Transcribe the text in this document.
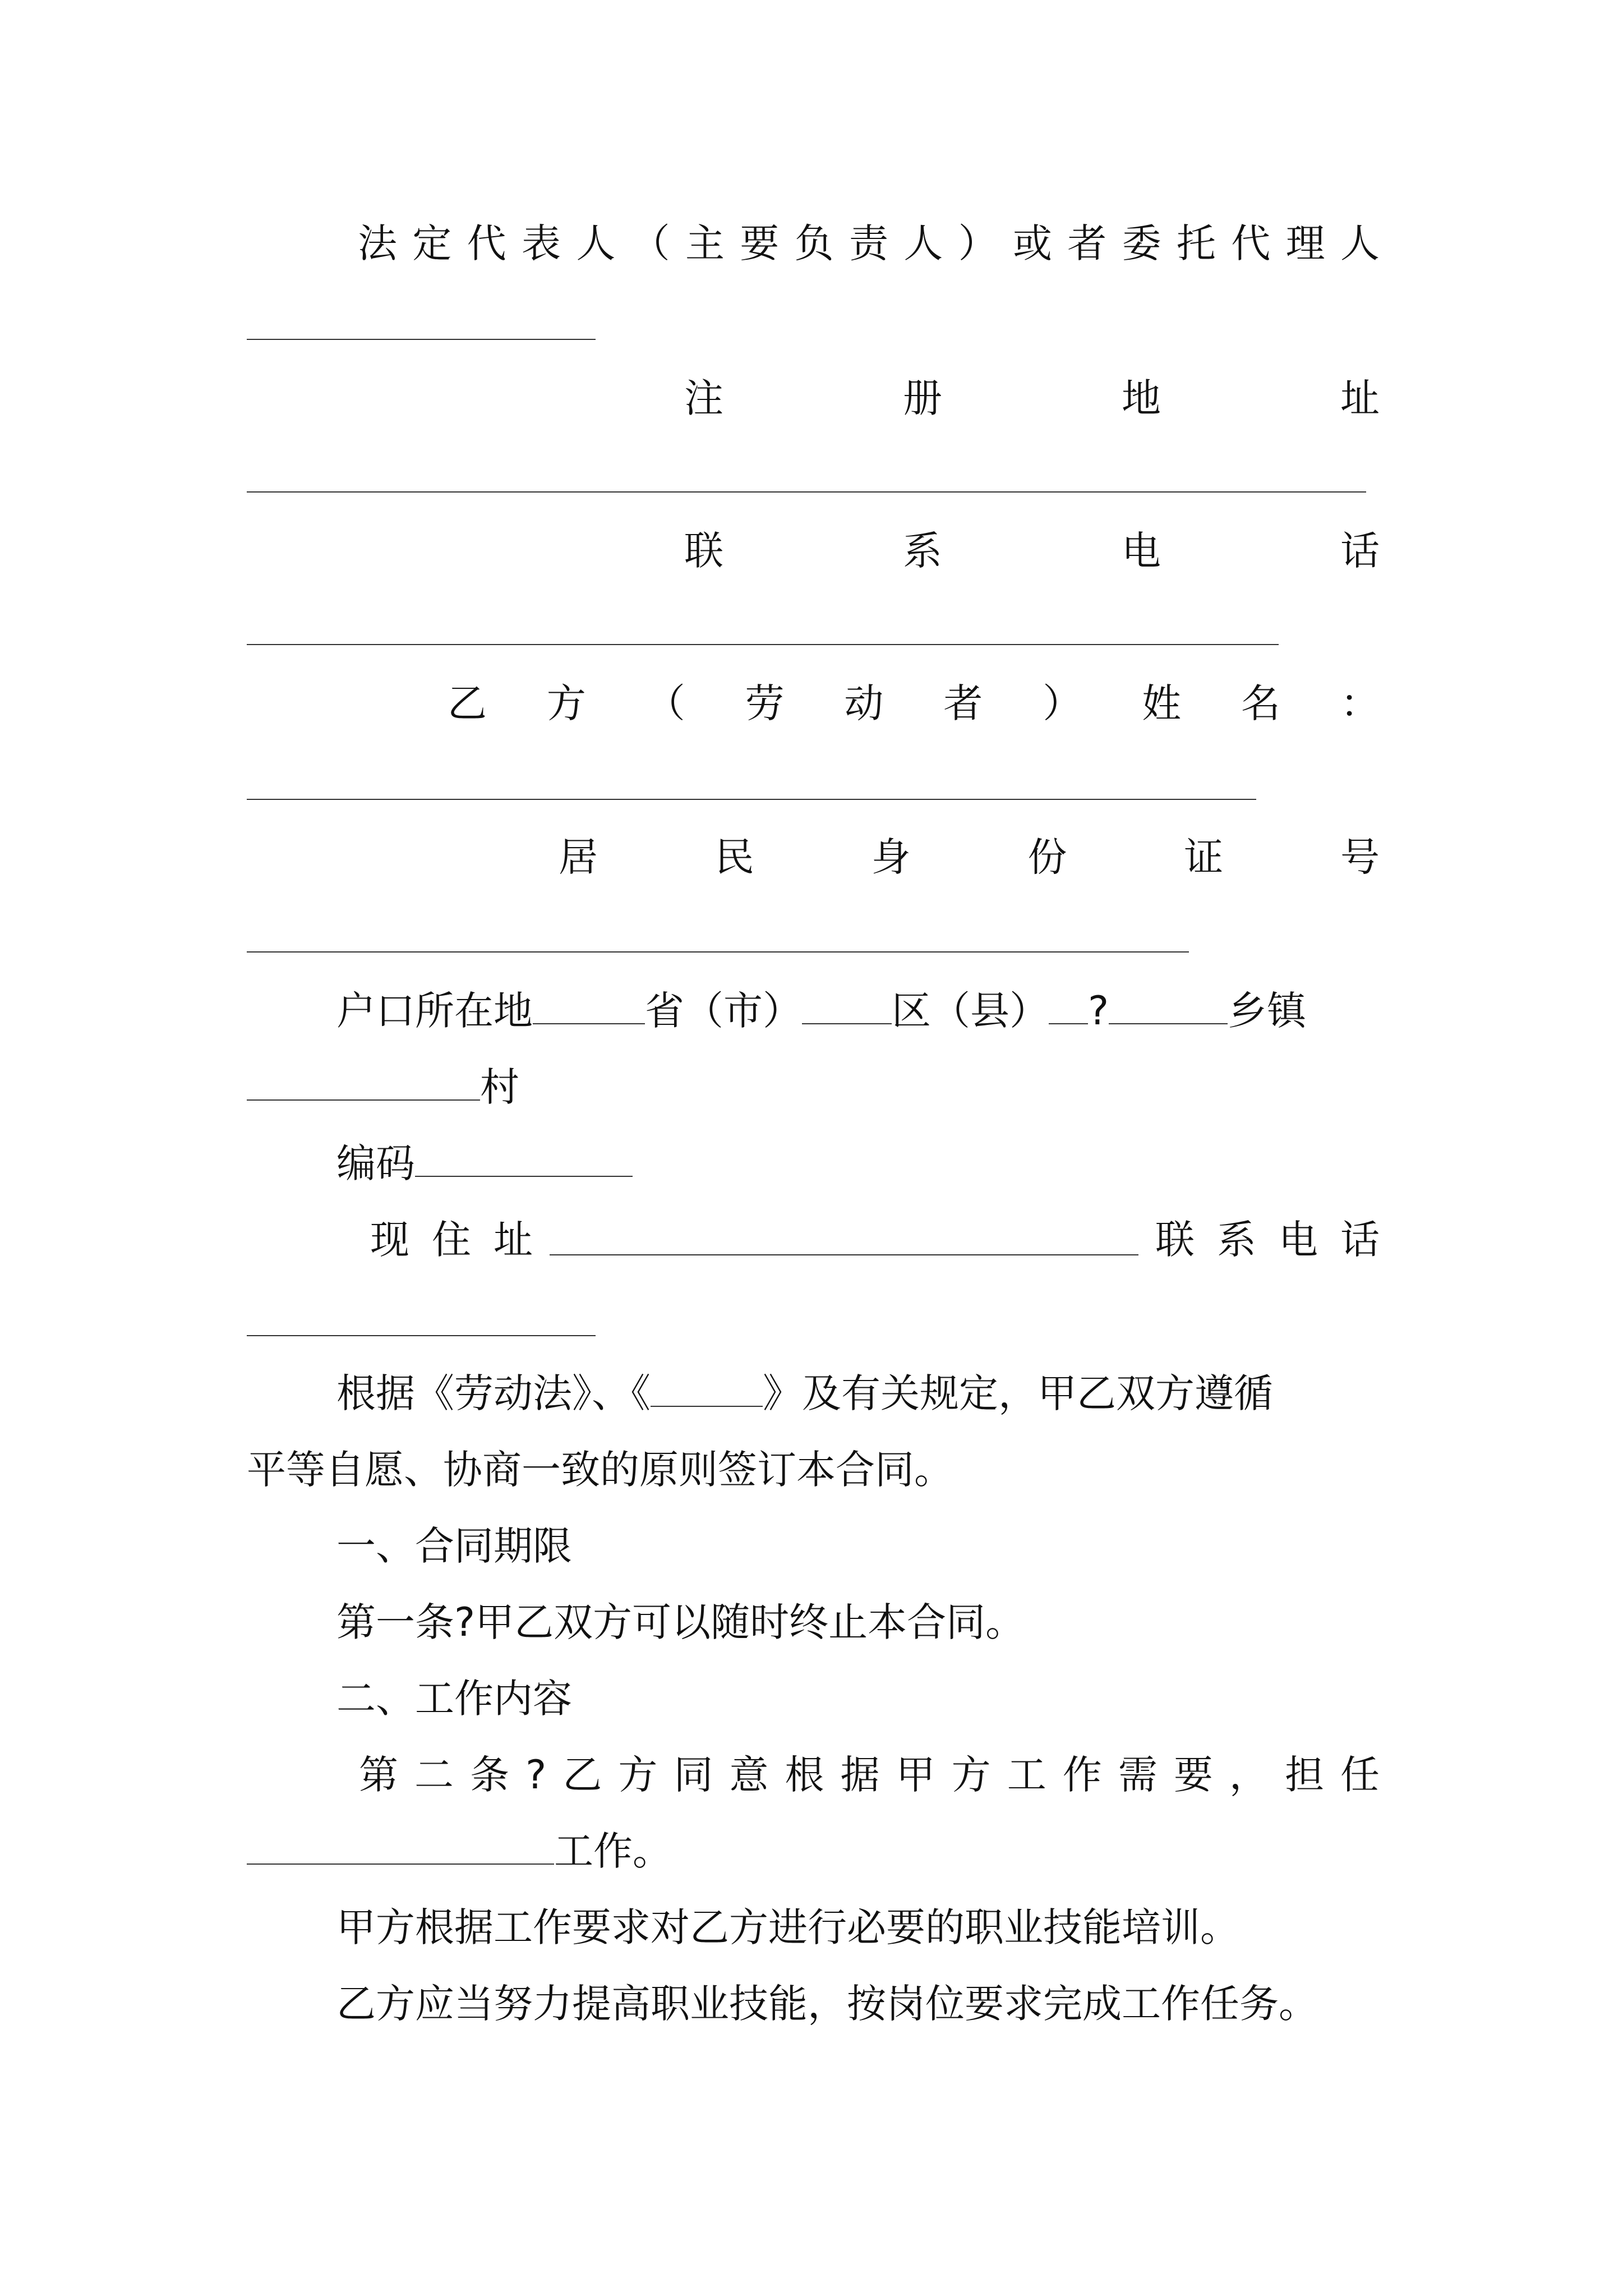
法 定 代 表 人 （ 主 要 负 责 人 ） 或 者 委 托 代 理 人
注	册	地	址
联	系	电	话
乙 方 （ 劳 动 者 ） 姓 名 ：
居	民	身	份	证	号
户口所在地	省（市） 区（县） ?	乡镇
村
编码
现 住 址	联 系 电 话
根据《劳动法》、《	》及有关规定，甲乙双方遵循
平等自愿、协商一致的原则签订本合同。
一、合同期限
第一条?甲乙双方可以随时终止本合同。
二、工作内容
第 二 条 ? 乙 方 同 意 根 据 甲 方 工 作 需 要 ， 担 任
工作。
甲方根据工作要求对乙方进行必要的职业技能培训。
乙方应当努力提高职业技能，按岗位要求完成工作任务。
